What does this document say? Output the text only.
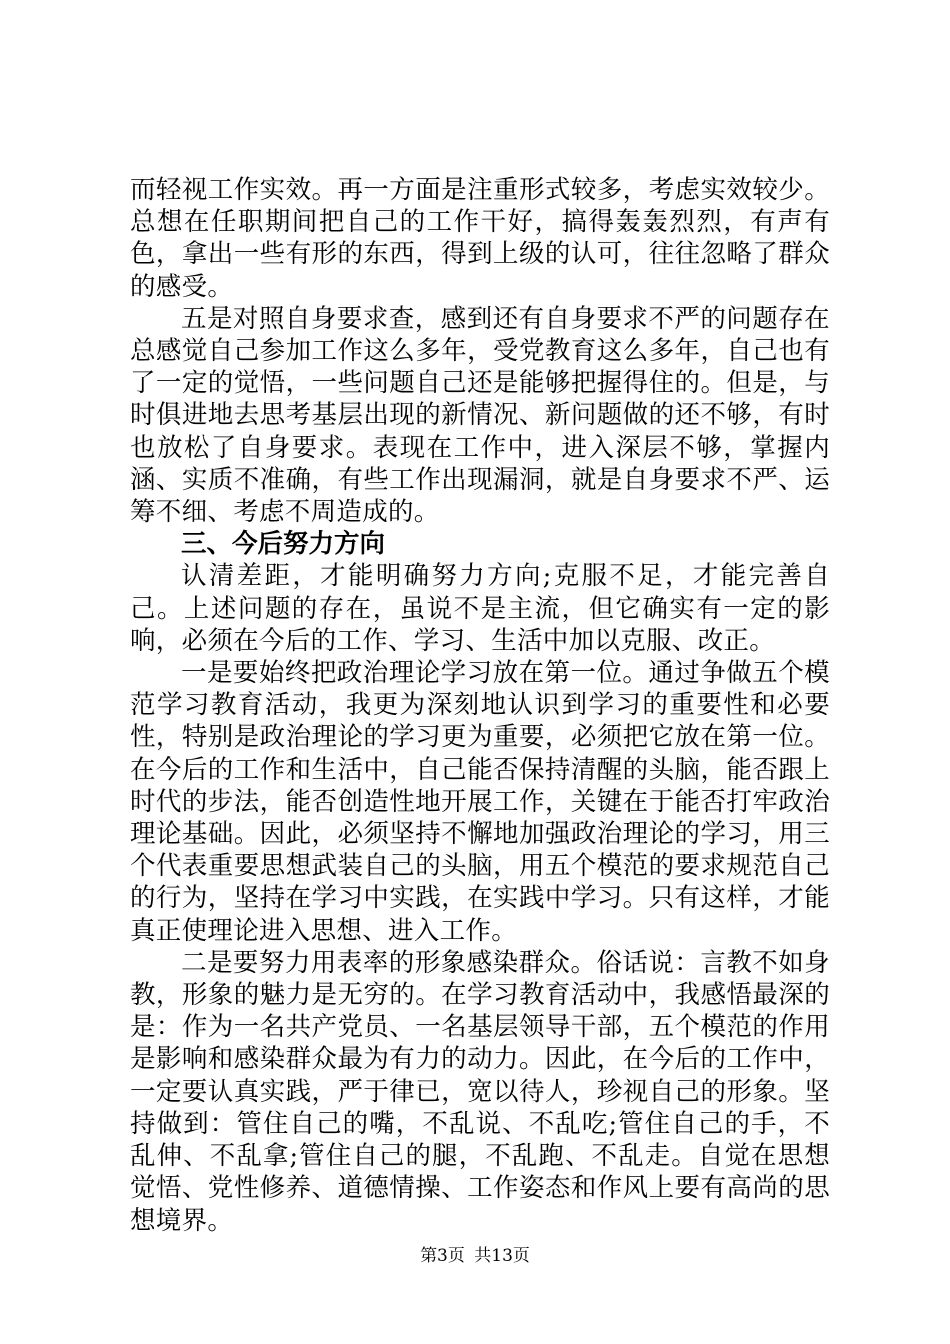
而轻视工作实效。再一方面是注重形式较多，考虑实效较少。总想在任职期间把自己的工作干好，搞得轰轰烈烈，有声有色，拿出一些有形的东西，得到上级的认可，往往忽略了群众的感受。

五是对照自身要求查，感到还有自身要求不严的问题存在总感觉自己参加工作这么多年，受党教育这么多年，自己也有了一定的觉悟，一些问题自己还是能够把握得住的。但是，与时俱进地去思考基层出现的新情况、新问题做的还不够，有时也放松了自身要求。表现在工作中，进入深层不够，掌握内涵、实质不准确，有些工作出现漏洞，就是自身要求不严、运筹不细、考虑不周造成的。

三、今后努力方向

认清差距，才能明确努力方向;克服不足，才能完善自己。上述问题的存在，虽说不是主流，但它确实有一定的影响，必须在今后的工作、学习、生活中加以克服、改正。

一是要始终把政治理论学习放在第一位。通过争做五个模范学习教育活动，我更为深刻地认识到学习的重要性和必要性，特别是政治理论的学习更为重要，必须把它放在第一位。在今后的工作和生活中，自己能否保持清醒的头脑，能否跟上时代的步法，能否创造性地开展工作，关键在于能否打牢政治理论基础。因此，必须坚持不懈地加强政治理论的学习，用三个代表重要思想武装自己的头脑，用五个模范的要求规范自己的行为，坚持在学习中实践，在实践中学习。只有这样，才能真正使理论进入思想、进入工作。

二是要努力用表率的形象感染群众。俗话说：言教不如身教，形象的魅力是无穷的。在学习教育活动中，我感悟最深的是：作为一名共产党员、一名基层领导干部，五个模范的作用是影响和感染群众最为有力的动力。因此，在今后的工作中，一定要认真实践，严于律已，宽以待人，珍视自己的形象。坚持做到：管住自己的嘴，不乱说、不乱吃;管住自己的手，不乱伸、不乱拿;管住自己的腿，不乱跑、不乱走。自觉在思想觉悟、党性修养、道德情操、工作姿态和作风上要有高尚的思想境界。

第3页 共13页
